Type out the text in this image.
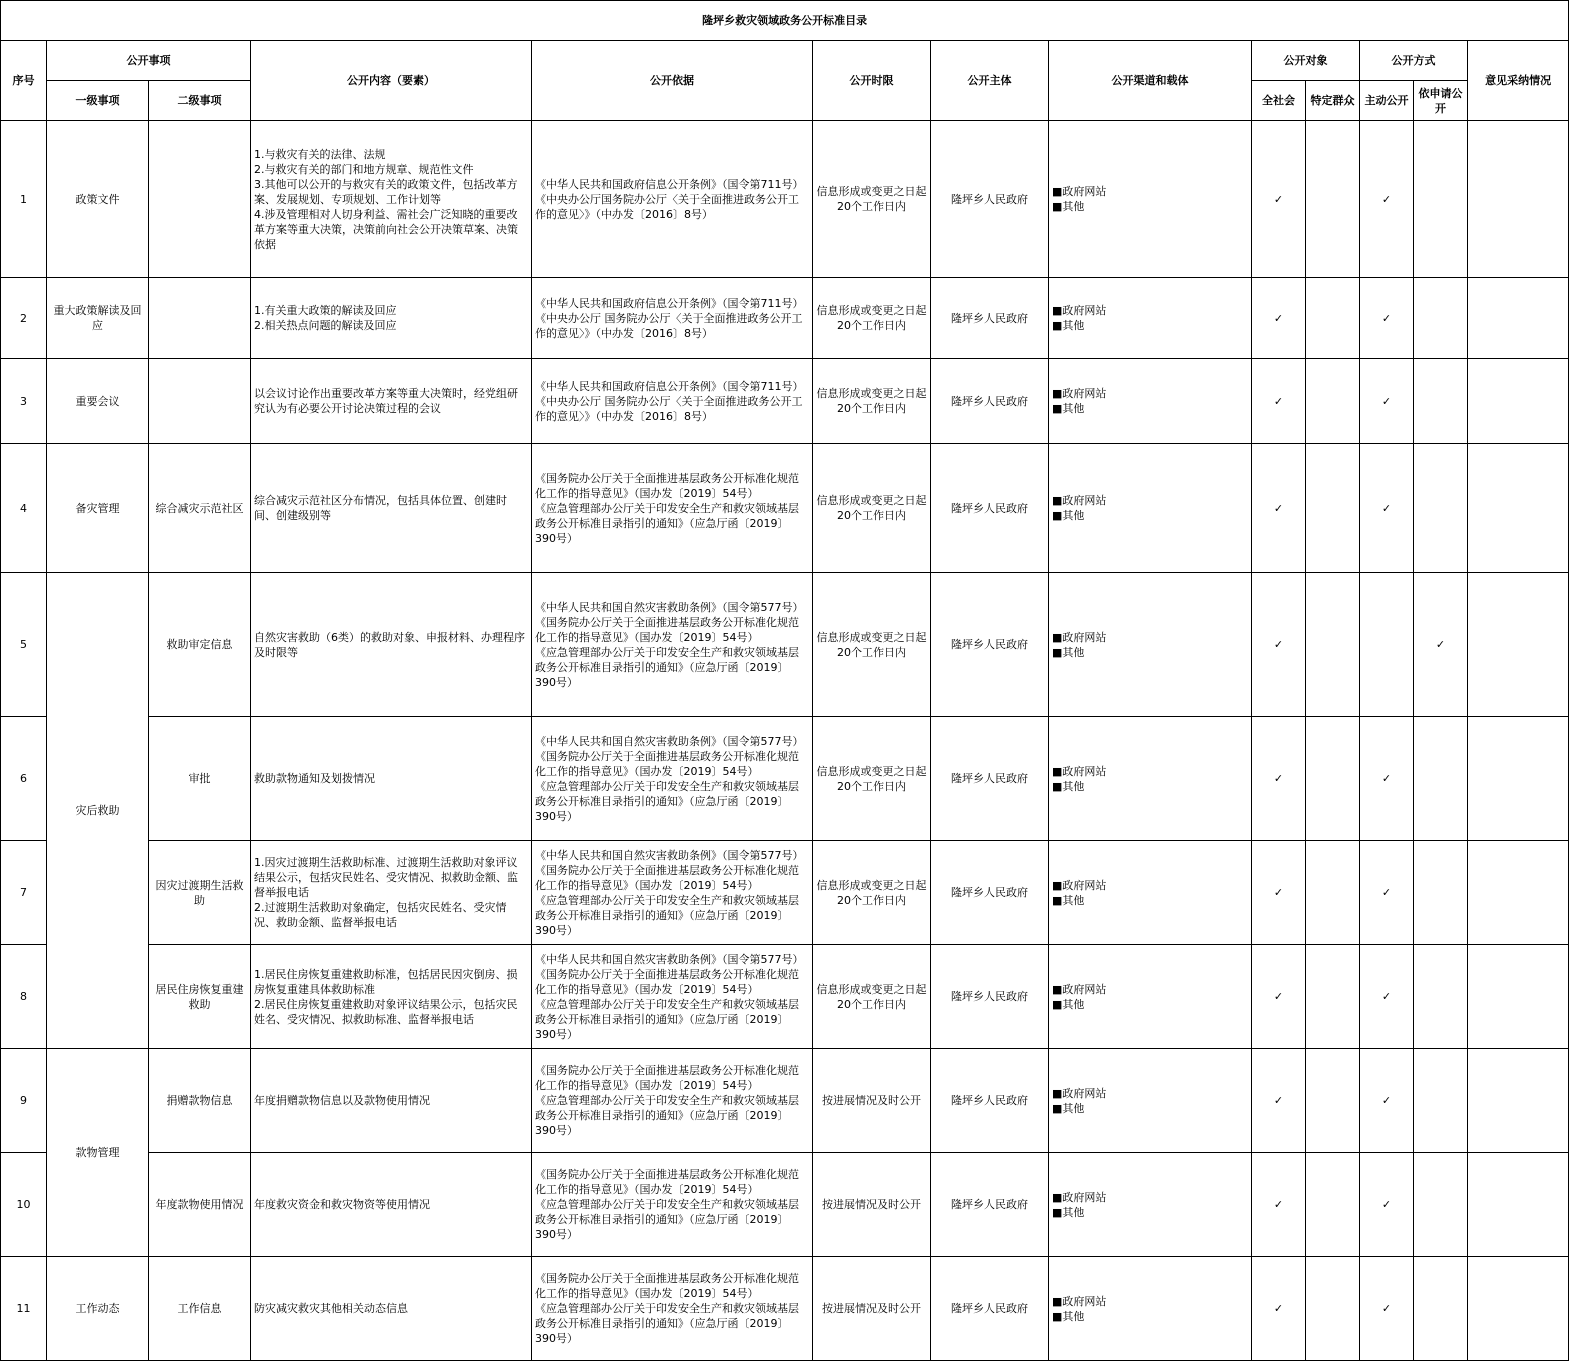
隆坪乡救灾领域政务公开标准目录												
序号	公开事项		公开内容（要素）	公开依据	公开时限	公开主体	公开渠道和载体	公开对象		公开方式		意见采纳情况
	一级事项	二级事项						全社会	特定群众	主动公开	依申请公开	
1	政策文件		1.与救灾有关的法律、法规
2.与救灾有关的部门和地方规章、规范性文件
3.其他可以公开的与救灾有关的政策文件，包括改革方案、发展规划、专项规划、工作计划等
4.涉及管理相对人切身利益、需社会广泛知晓的重要改革方案等重大决策，决策前向社会公开决策草案、决策依据	《中华人民共和国政府信息公开条例》（国令第711号）
《中央办公厅国务院办公厅〈关于全面推进政务公开工作的意见〉》（中办发〔2016〕8号）	信息形成或变更之日起20个工作日内	隆坪乡人民政府	■政府网站
■其他	✓		✓		
2	重大政策解读及回应		1.有关重大政策的解读及回应
2.相关热点问题的解读及回应	《中华人民共和国政府信息公开条例》（国令第711号）
《中央办公厅 国务院办公厅〈关于全面推进政务公开工作的意见〉》（中办发〔2016〕8号）	信息形成或变更之日起20个工作日内	隆坪乡人民政府	■政府网站
■其他	✓		✓		
3	重要会议		以会议讨论作出重要改革方案等重大决策时，经党组研究认为有必要公开讨论决策过程的会议	《中华人民共和国政府信息公开条例》（国令第711号）
《中央办公厅 国务院办公厅〈关于全面推进政务公开工作的意见〉》（中办发〔2016〕8号）	信息形成或变更之日起20个工作日内	隆坪乡人民政府	■政府网站
■其他	✓		✓		
4	备灾管理	综合减灾示范社区	综合减灾示范社区分布情况，包括具体位置、创建时间、创建级别等	《国务院办公厅关于全面推进基层政务公开标准化规范化工作的指导意见》（国办发〔2019〕54号）
《应急管理部办公厅关于印发安全生产和救灾领域基层政务公开标准目录指引的通知》（应急厅函〔2019〕390号）	信息形成或变更之日起20个工作日内	隆坪乡人民政府	■政府网站
■其他	✓		✓		
5	灾后救助	救助审定信息	自然灾害救助（6类）的救助对象、申报材料、办理程序及时限等	《中华人民共和国自然灾害救助条例》（国令第577号）
《国务院办公厅关于全面推进基层政务公开标准化规范化工作的指导意见》（国办发〔2019〕54号）
《应急管理部办公厅关于印发安全生产和救灾领域基层政务公开标准目录指引的通知》（应急厅函〔2019〕390号）	信息形成或变更之日起20个工作日内	隆坪乡人民政府	■政府网站
■其他	✓			✓	
6		审批	救助款物通知及划拨情况	《中华人民共和国自然灾害救助条例》（国令第577号）
《国务院办公厅关于全面推进基层政务公开标准化规范化工作的指导意见》（国办发〔2019〕54号）
《应急管理部办公厅关于印发安全生产和救灾领域基层政务公开标准目录指引的通知》（应急厅函〔2019〕390号）	信息形成或变更之日起20个工作日内	隆坪乡人民政府	■政府网站
■其他	✓		✓		
7		因灾过渡期生活救助	1.因灾过渡期生活救助标准、过渡期生活救助对象评议结果公示，包括灾民姓名、受灾情况、拟救助金额、监督举报电话
2.过渡期生活救助对象确定，包括灾民姓名、受灾情况、救助金额、监督举报电话	《中华人民共和国自然灾害救助条例》（国令第577号）
《国务院办公厅关于全面推进基层政务公开标准化规范化工作的指导意见》（国办发〔2019〕54号）
《应急管理部办公厅关于印发安全生产和救灾领域基层政务公开标准目录指引的通知》（应急厅函〔2019〕390号）	信息形成或变更之日起20个工作日内	隆坪乡人民政府	■政府网站
■其他	✓		✓		
8		居民住房恢复重建救助	1.居民住房恢复重建救助标准，包括居民因灾倒房、损房恢复重建具体救助标准
2.居民住房恢复重建救助对象评议结果公示，包括灾民姓名、受灾情况、拟救助标准、监督举报电话	《中华人民共和国自然灾害救助条例》（国令第577号）
《国务院办公厅关于全面推进基层政务公开标准化规范化工作的指导意见》（国办发〔2019〕54号）
《应急管理部办公厅关于印发安全生产和救灾领域基层政务公开标准目录指引的通知》（应急厅函〔2019〕390号）	信息形成或变更之日起20个工作日内	隆坪乡人民政府	■政府网站
■其他	✓		✓		
9	款物管理	捐赠款物信息	年度捐赠款物信息以及款物使用情况	《国务院办公厅关于全面推进基层政务公开标准化规范化工作的指导意见》（国办发〔2019〕54号）
《应急管理部办公厅关于印发安全生产和救灾领域基层政务公开标准目录指引的通知》（应急厅函〔2019〕390号）	按进展情况及时公开	隆坪乡人民政府	■政府网站
■其他	✓		✓		
10		年度款物使用情况	年度救灾资金和救灾物资等使用情况	《国务院办公厅关于全面推进基层政务公开标准化规范化工作的指导意见》（国办发〔2019〕54号）
《应急管理部办公厅关于印发安全生产和救灾领域基层政务公开标准目录指引的通知》（应急厅函〔2019〕390号）	按进展情况及时公开	隆坪乡人民政府	■政府网站
■其他	✓		✓		
11	工作动态	工作信息	防灾减灾救灾其他相关动态信息	《国务院办公厅关于全面推进基层政务公开标准化规范化工作的指导意见》（国办发〔2019〕54号）
《应急管理部办公厅关于印发安全生产和救灾领域基层政务公开标准目录指引的通知》（应急厅函〔2019〕390号）	按进展情况及时公开	隆坪乡人民政府	■政府网站
■其他	✓		✓		
